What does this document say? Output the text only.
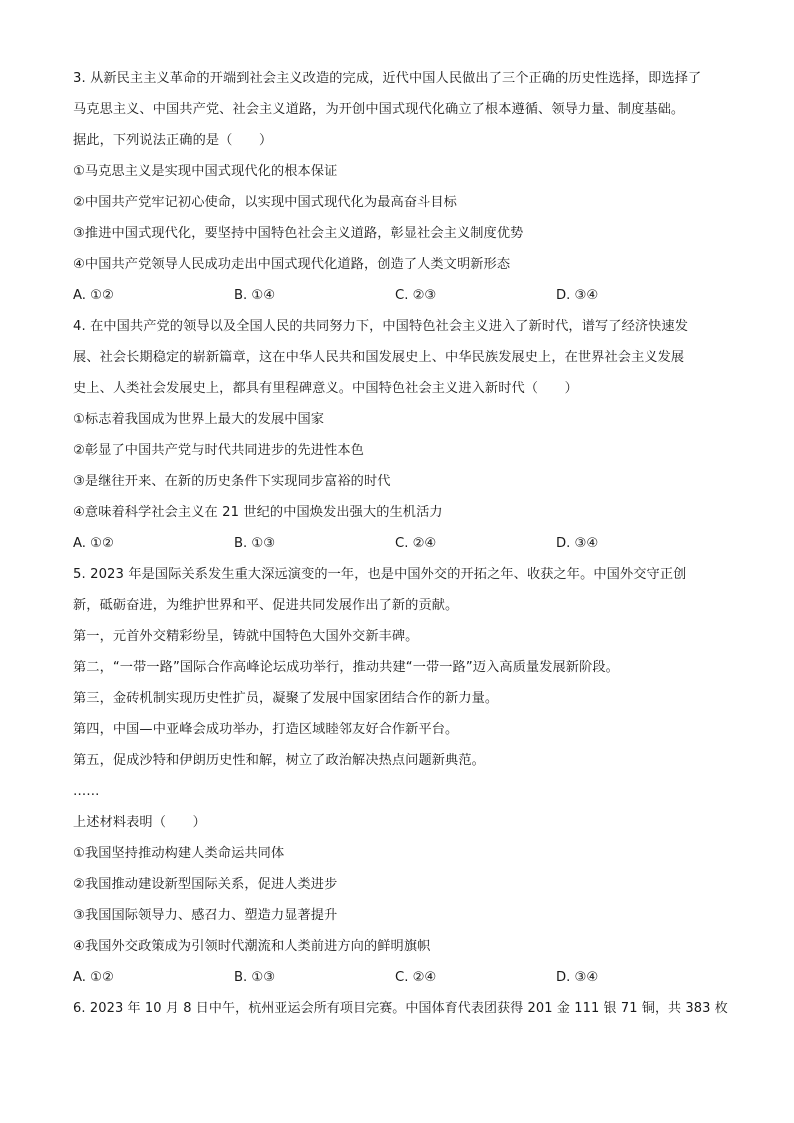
3. 从新民主主义革命的开端到社会主义改造的完成，近代中国人民做出了三个正确的历史性选择，即选择了
马克思主义、中国共产党、社会主义道路，为开创中国式现代化确立了根本遵循、领导力量、制度基础。
据此，下列说法正确的是（　　）
①马克思主义是实现中国式现代化的根本保证
②中国共产党牢记初心使命，以实现中国式现代化为最高奋斗目标
③推进中国式现代化，要坚持中国特色社会主义道路，彰显社会主义制度优势
④中国共产党领导人民成功走出中国式现代化道路，创造了人类文明新形态
A. ①②	B. ①④	C. ②③	D. ③④
4. 在中国共产党的领导以及全国人民的共同努力下，中国特色社会主义进入了新时代，谱写了经济快速发
展、社会长期稳定的崭新篇章，这在中华人民共和国发展史上、中华民族发展史上，在世界社会主义发展
史上、人类社会发展史上，都具有里程碑意义。中国特色社会主义进入新时代（　　）
①标志着我国成为世界上最大的发展中国家
②彰显了中国共产党与时代共同进步的先进性本色
③是继往开来、在新的历史条件下实现同步富裕的时代
④意味着科学社会主义在 21 世纪的中国焕发出强大的生机活力
A. ①②	B. ①③	C. ②④	D. ③④
5. 2023 年是国际关系发生重大深远演变的一年，也是中国外交的开拓之年、收获之年。中国外交守正创
新，砥砺奋进，为维护世界和平、促进共同发展作出了新的贡献。
第一，元首外交精彩纷呈，铸就中国特色大国外交新丰碑。
第二，“一带一路”国际合作高峰论坛成功举行，推动共建“一带一路”迈入高质量发展新阶段。
第三，金砖机制实现历史性扩员，凝聚了发展中国家团结合作的新力量。
第四，中国—中亚峰会成功举办，打造区域睦邻友好合作新平台。
第五，促成沙特和伊朗历史性和解，树立了政治解决热点问题新典范。
……
上述材料表明（　　）
①我国坚持推动构建人类命运共同体
②我国推动建设新型国际关系，促进人类进步
③我国国际领导力、感召力、塑造力显著提升
④我国外交政策成为引领时代潮流和人类前进方向的鲜明旗帜
A. ①②	B. ①③	C. ②④	D. ③④
6. 2023 年 10 月 8 日中午，杭州亚运会所有项目完赛。中国体育代表团获得 201 金 111 银 71 铜，共 383 枚
